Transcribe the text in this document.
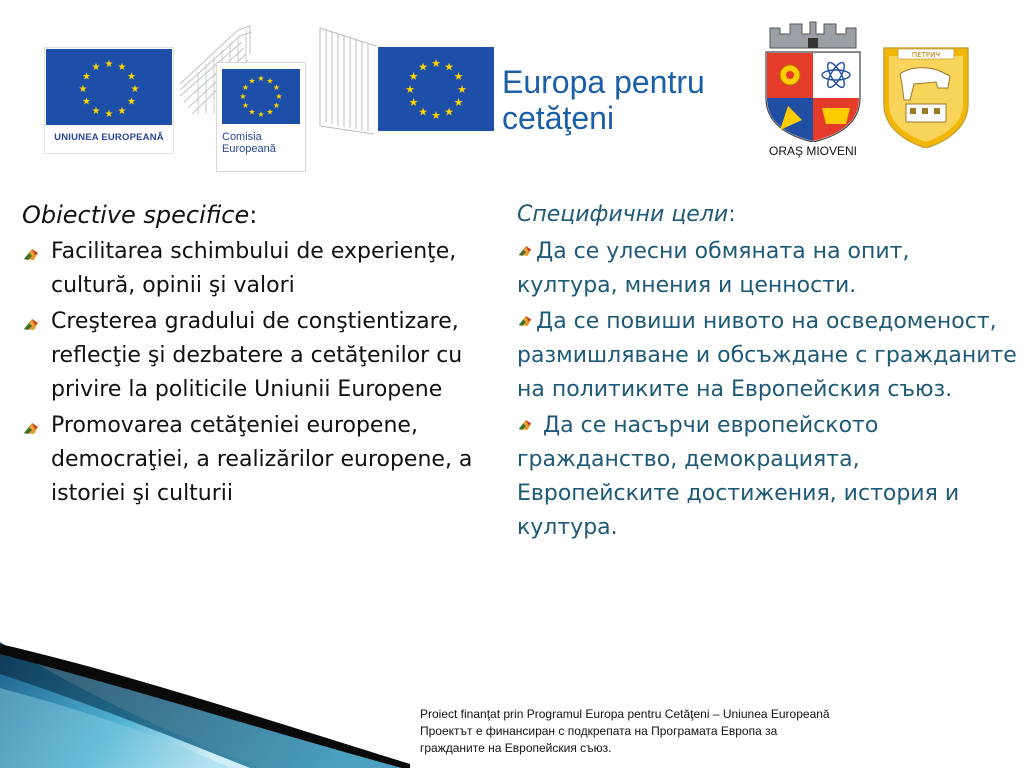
★ ★
★
★
★
★
★
★
★
★
★
★
UNIUNEA EUROPEANĂ
★ ★
★
★
★
★
★
★
★
★
★
★
Comisia
Europeană
★ ★
★
★
★
★
★
★
★
★
★
★ Europa pentru
cetăţeni
ORAŞ MIOVENI
ПЕТРИЧ
Obiective specifice:
Facilitarea schimbului de experienţe, cultură, opinii şi valori
Creşterea gradului de conştientizare, reflecţie şi dezbatere a cetăţenilor cu privire la politicile Uniunii Europene
Promovarea cetăţeniei europene, democraţiei, a realizărilor europene, a istoriei şi culturii
Специфични цели:
Да се улесни обмяната на опит, култура, мнения и ценности.
Да се повиши нивото на осведоменост, размишляване и обсъждане с гражданите на политиките на Европейския съюз.
Да се насърчи европейското гражданство, демокрацията, Европейските достижения, история и култура.
Proiect finanţat prin Programul Europa pentru Cetăţeni – Uniunea Europeană
Проектът е финансиран с подкрепата на Програмата Европа за
гражданите на Европейския съюз.
